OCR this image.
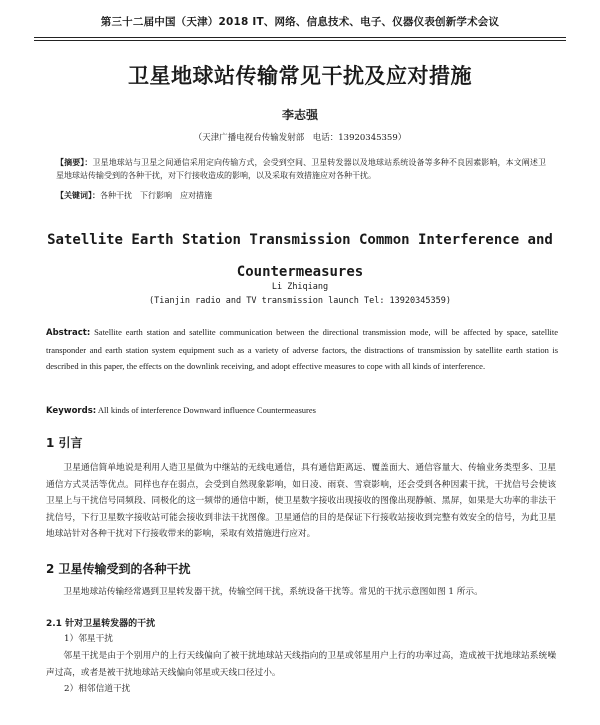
第三十二届中国（天津）2018 IT、网络、信息技术、电子、仪器仪表创新学术会议
卫星地球站传输常见干扰及应对措施
李志强
（天津广播电视台传输发射部　电话：13920345359）
【摘要】：卫星地球站与卫星之间通信采用定向传输方式，会受到空间、卫星转发器以及地球站系统设备等多种不良因素影响，本文阐述卫星地球站传输受到的各种干扰，对下行接收造成的影响，以及采取有效措施应对各种干扰。
【关键词】：各种干扰　下行影响　应对措施
Satellite Earth Station Transmission Common Interference and Countermeasures
Li Zhiqiang
(Tianjin radio and TV transmission launch Tel: 13920345359)
Abstract: Satellite earth station and satellite communication between the directional transmission mode, will be affected by space, satellite transponder and earth station system equipment such as a variety of adverse factors, the distractions of transmission by satellite earth station is described in this paper, the effects on the downlink receiving, and adopt effective measures to cope with all kinds of interference.
Keywords: All kinds of interference Downward influence Countermeasures
1 引言
卫星通信简单地说是利用人造卫星做为中继站的无线电通信，具有通信距离远、覆盖面大、通信容量大、传输业务类型多、卫星通信方式灵活等优点。同样也存在弱点，会受到自然现象影响，如日凌、雨衰、雪衰影响，还会受到各种因素干扰，干扰信号会使该卫星上与干扰信号同频段、同极化的这一频带的通信中断，使卫星数字接收出现接收的图像出现静帧、黑屏，如果是大功率的非法干扰信号，下行卫星数字接收站可能会接收到非法干扰图像。卫星通信的目的是保证下行接收站接收到完整有效安全的信号，为此卫星地球站针对各种干扰对下行接收带来的影响，采取有效措施进行应对。
2 卫星传输受到的各种干扰
卫星地球站传输经常遇到卫星转发器干扰，传输空间干扰，系统设备干扰等。常见的干扰示意图如图 1 所示。
2.1 针对卫星转发器的干扰
1）邻星干扰
邻星干扰是由于个别用户的上行天线偏向了被干扰地球站天线指向的卫星或邻星用户上行的功率过高，造成被干扰地球站系统噪声过高，或者是被干扰地球站天线偏向邻星或天线口径过小。
2）相邻信道干扰
